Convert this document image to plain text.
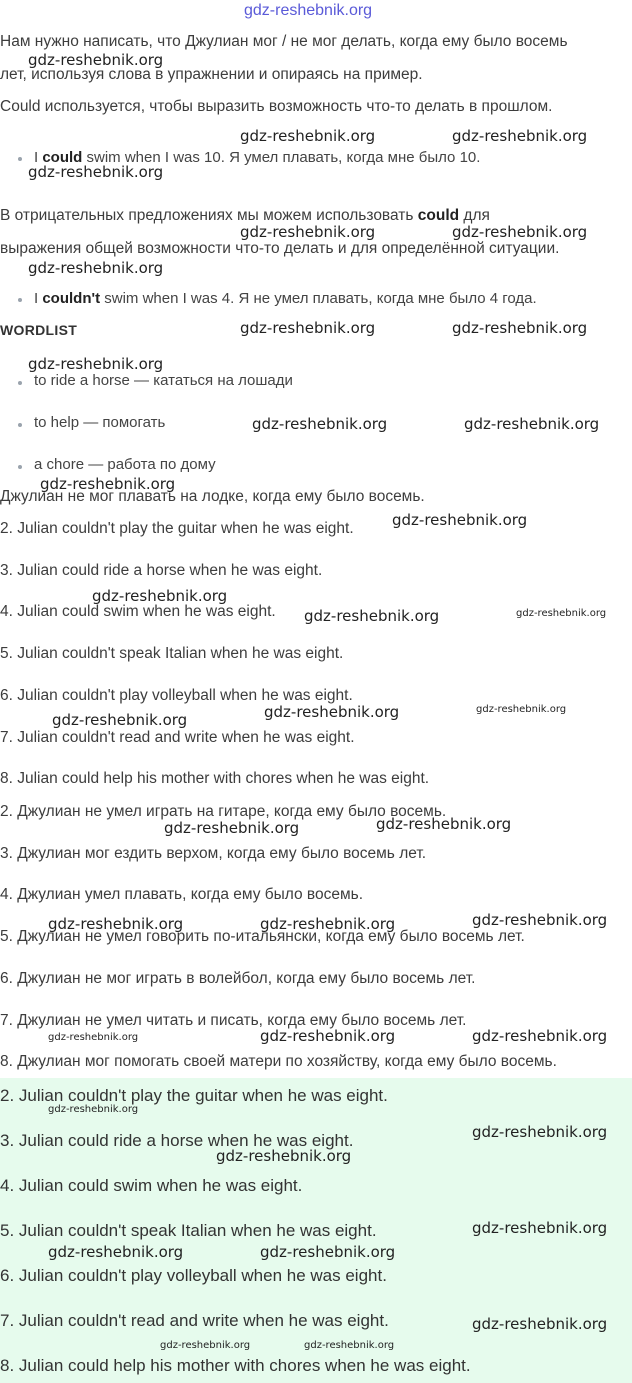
gdz-reshebnik.org
Нам нужно написать, что Джулиан мог / не мог делать, когда ему было восемь
лет, используя слова в упражнении и опираясь на пример.
Could используется, чтобы выразить возможность что-то делать в прошлом.
I could swim when I was 10. Я умел плавать, когда мне было 10.
В отрицательных предложениях мы можем использовать could для
выражения общей возможности что-то делать и для определённой ситуации.
I couldn't swim when I was 4. Я не умел плавать, когда мне было 4 года.
WORDLIST
to ride a horse — кататься на лошади
to help — помогать
a chore — работа по дому
Джулиан не мог плавать на лодке, когда ему было восемь.
2. Julian couldn't play the guitar when he was eight.
3. Julian could ride a horse when he was eight.
4. Julian could swim when he was eight.
5. Julian couldn't speak Italian when he was eight.
6. Julian couldn't play volleyball when he was eight.
7. Julian couldn't read and write when he was eight.
8. Julian could help his mother with chores when he was eight.
2. Джулиан не умел играть на гитаре, когда ему было восемь.
3. Джулиан мог ездить верхом, когда ему было восемь лет.
4. Джулиан умел плавать, когда ему было восемь.
5. Джулиан не умел говорить по-итальянски, когда ему было восемь лет.
6. Джулиан не мог играть в волейбол, когда ему было восемь лет.
7. Джулиан не умел читать и писать, когда ему было восемь лет.
8. Джулиан мог помогать своей матери по хозяйству, когда ему было восемь.
2. Julian couldn't play the guitar when he was eight.
3. Julian could ride a horse when he was eight.
4. Julian could swim when he was eight.
5. Julian couldn't speak Italian when he was eight.
6. Julian couldn't play volleyball when he was eight.
7. Julian couldn't read and write when he was eight.
8. Julian could help his mother with chores when he was eight.
gdz-reshebnik.org
gdz-reshebnik.org	gdz-reshebnik.org
gdz-reshebnik.org
gdz-reshebnik.org	gdz-reshebnik.org
gdz-reshebnik.org
gdz-reshebnik.org	gdz-reshebnik.org
gdz-reshebnik.org
gdz-reshebnik.org	gdz-reshebnik.org
gdz-reshebnik.org
gdz-reshebnik.org
gdz-reshebnik.org
gdz-reshebnik.org	gdz-reshebnik.org
gdz-reshebnik.org	gdz-reshebnik.org
gdz-reshebnik.org
gdz-reshebnik.org
gdz-reshebnik.org
gdz-reshebnik.org
gdz-reshebnik.org	gdz-reshebnik.org
gdz-reshebnik.org	gdz-reshebnik.org	gdz-reshebnik.org
gdz-reshebnik.org
gdz-reshebnik.org
gdz-reshebnik.org
gdz-reshebnik.org
gdz-reshebnik.org	gdz-reshebnik.org
gdz-reshebnik.org
gdz-reshebnik.org	gdz-reshebnik.org
